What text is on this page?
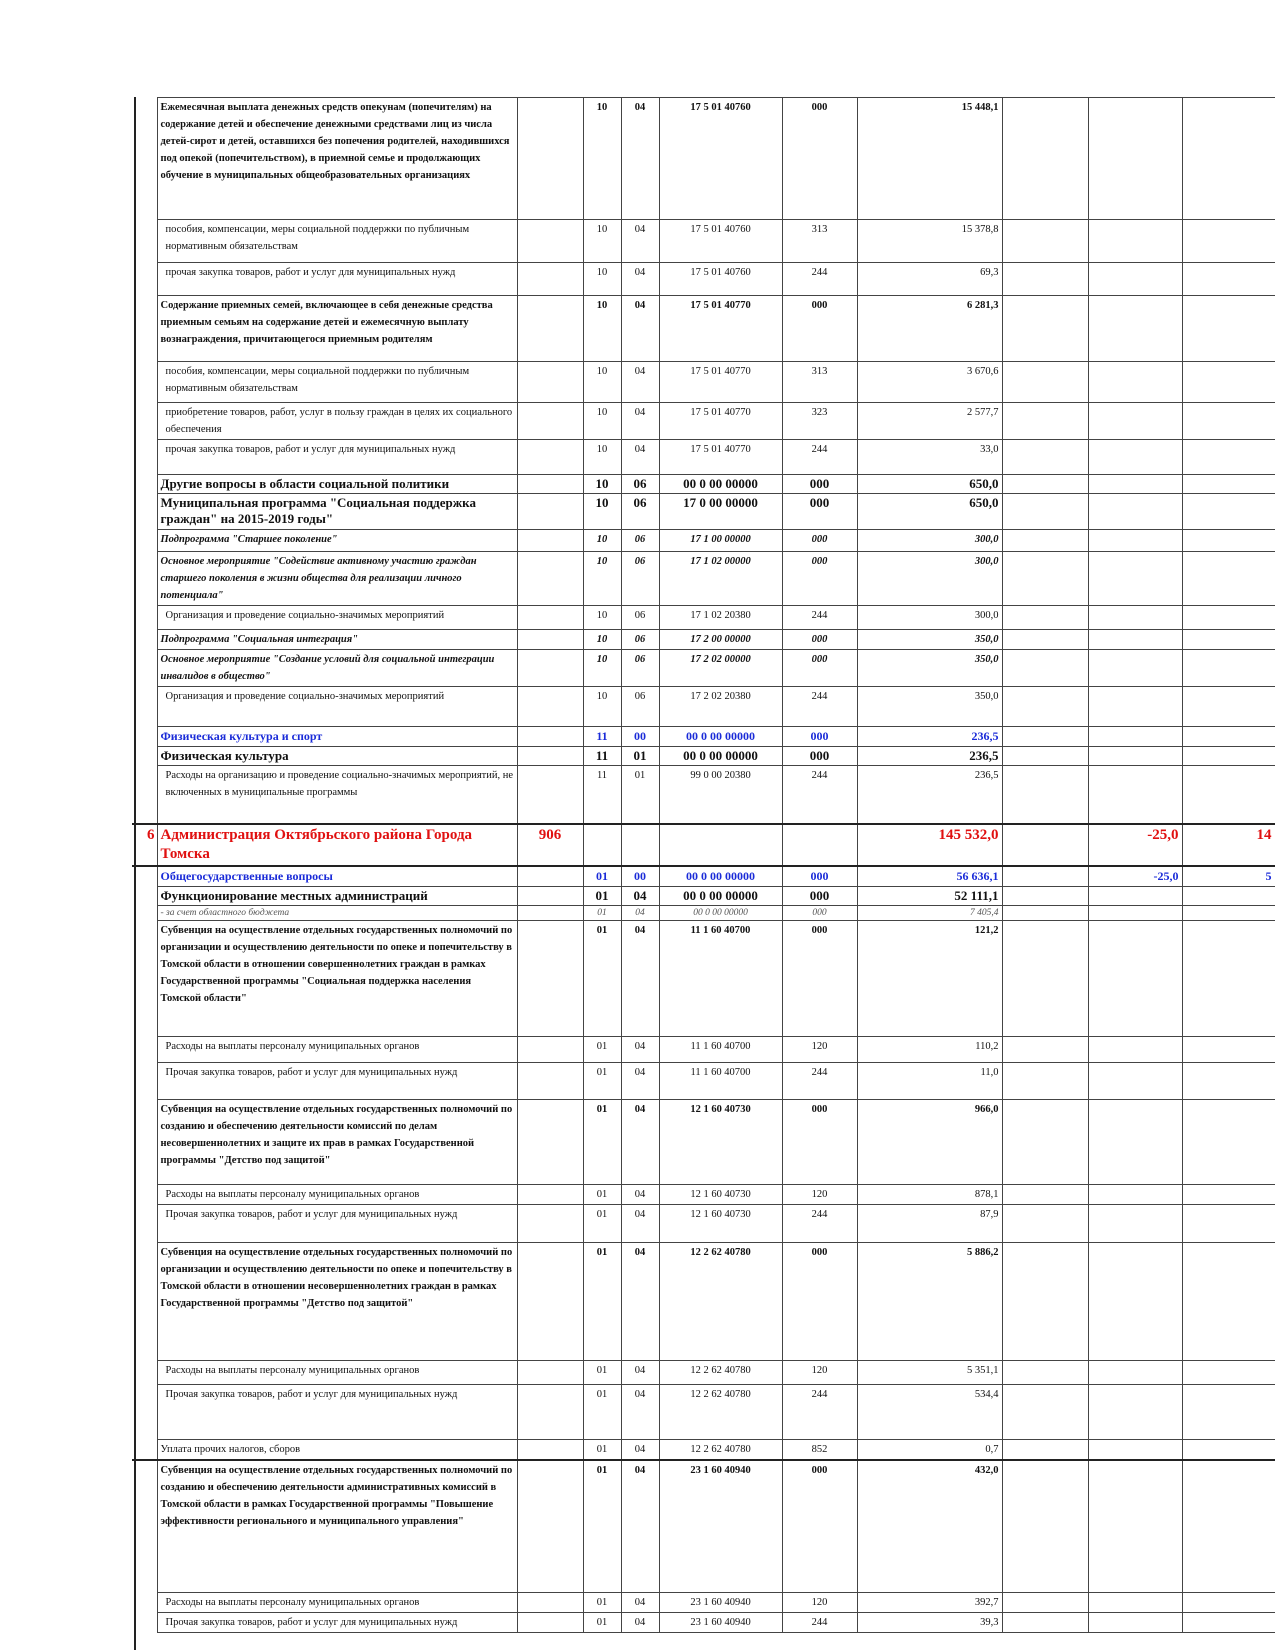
	Ежемесячная выплата денежных средств опекунам (попечителям) на содержание детей и обеспечение денежными средствами лиц из числа детей-сирот и детей, оставшихся без попечения родителей, находившихся под опекой (попечительством), в приемной семье и продолжающих обучение в муниципальных общеобразовательных организациях		10	04	17 5 01 40760	000	15 448,1			
	пособия, компенсации, меры социальной поддержки по публичным нормативным обязательствам		10	04	17 5 01 40760	313	15 378,8			
	прочая закупка товаров, работ и услуг для муниципальных нужд		10	04	17 5 01 40760	244	69,3			
	Содержание приемных семей, включающее в себя денежные средства приемным семьям на содержание детей и ежемесячную выплату вознаграждения, причитающегося приемным родителям		10	04	17 5 01 40770	000	6 281,3			
	пособия, компенсации, меры социальной поддержки по публичным нормативным обязательствам		10	04	17 5 01 40770	313	3 670,6			
	приобретение товаров, работ, услуг в пользу граждан в целях их социального обеспечения		10	04	17 5 01 40770	323	2 577,7			
	прочая закупка товаров, работ и услуг для муниципальных нужд		10	04	17 5 01 40770	244	33,0			
	Другие вопросы в области социальной политики		10	06	00 0 00 00000	000	650,0			
	Муниципальная программа "Социальная поддержка граждан" на 2015-2019 годы"		10	06	17 0 00 00000	000	650,0			
	Подпрограмма "Старшее поколение"		10	06	17 1 00 00000	000	300,0			
	Основное мероприятие "Содействие активному участию граждан старшего поколения в жизни общества для реализации личного потенциала"		10	06	17 1 02 00000	000	300,0			
	Организация и проведение социально-значимых мероприятий		10	06	17 1 02 20380	244	300,0			
	Подпрограмма "Социальная интеграция"		10	06	17 2 00 00000	000	350,0			
	Основное мероприятие "Создание условий для социальной интеграции инвалидов в общество"		10	06	17 2 02 00000	000	350,0			
	Организация и проведение социально-значимых мероприятий		10	06	17 2 02 20380	244	350,0			
	Физическая культура и спорт		11	00	00 0 00 00000	000	236,5			
	Физическая культура		11	01	00 0 00 00000	000	236,5			
	Расходы на организацию и проведение социально-значимых мероприятий, не включенных в муниципальные программы		11	01	99 0 00 20380	244	236,5			
6	Администрация Октябрьского района Города Томска	906					145 532,0		-25,0	14
	Общегосударственные вопросы		01	00	00 0 00 00000	000	56 636,1		-25,0	5
	Функционирование местных администраций		01	04	00 0 00 00000	000	52 111,1			
	- за счет областного бюджета		01	04	00 0 00 00000	000	7 405,4			
	Субвенция на осуществление отдельных государственных полномочий по организации и осуществлению деятельности по опеке и попечительству в Томской области в отношении совершеннолетних граждан в рамках Государственной программы "Социальная поддержка населения Томской области"		01	04	11 1 60 40700	000	121,2			
	Расходы на выплаты персоналу муниципальных органов		01	04	11 1 60 40700	120	110,2			
	Прочая закупка товаров, работ и услуг для муниципальных нужд		01	04	11 1 60 40700	244	11,0			
	Субвенция на осуществление отдельных государственных полномочий по созданию и обеспечению деятельности комиссий по делам несовершеннолетних и защите их прав в рамках Государственной программы "Детство под защитой"		01	04	12 1 60 40730	000	966,0			
	Расходы на выплаты персоналу муниципальных органов		01	04	12 1 60 40730	120	878,1			
	Прочая закупка товаров, работ и услуг для муниципальных нужд		01	04	12 1 60 40730	244	87,9			
	Субвенция на осуществление отдельных государственных полномочий по организации и осуществлению деятельности по опеке и попечительству в Томской области в отношении несовершеннолетних граждан в рамках Государственной программы "Детство под защитой"		01	04	12 2 62 40780	000	5 886,2			
	Расходы на выплаты персоналу муниципальных органов		01	04	12 2 62 40780	120	5 351,1			
	Прочая закупка товаров, работ и услуг для муниципальных нужд		01	04	12 2 62 40780	244	534,4			
	Уплата прочих налогов, сборов		01	04	12 2 62 40780	852	0,7			
	Субвенция на осуществление отдельных государственных полномочий по созданию и обеспечению деятельности административных комиссий в Томской области в рамках Государственной программы "Повышение эффективности регионального и муниципального управления"		01	04	23 1 60 40940	000	432,0			
	Расходы на выплаты персоналу муниципальных органов		01	04	23 1 60 40940	120	392,7			
	Прочая закупка товаров, работ и услуг для муниципальных нужд		01	04	23 1 60 40940	244	39,3			
